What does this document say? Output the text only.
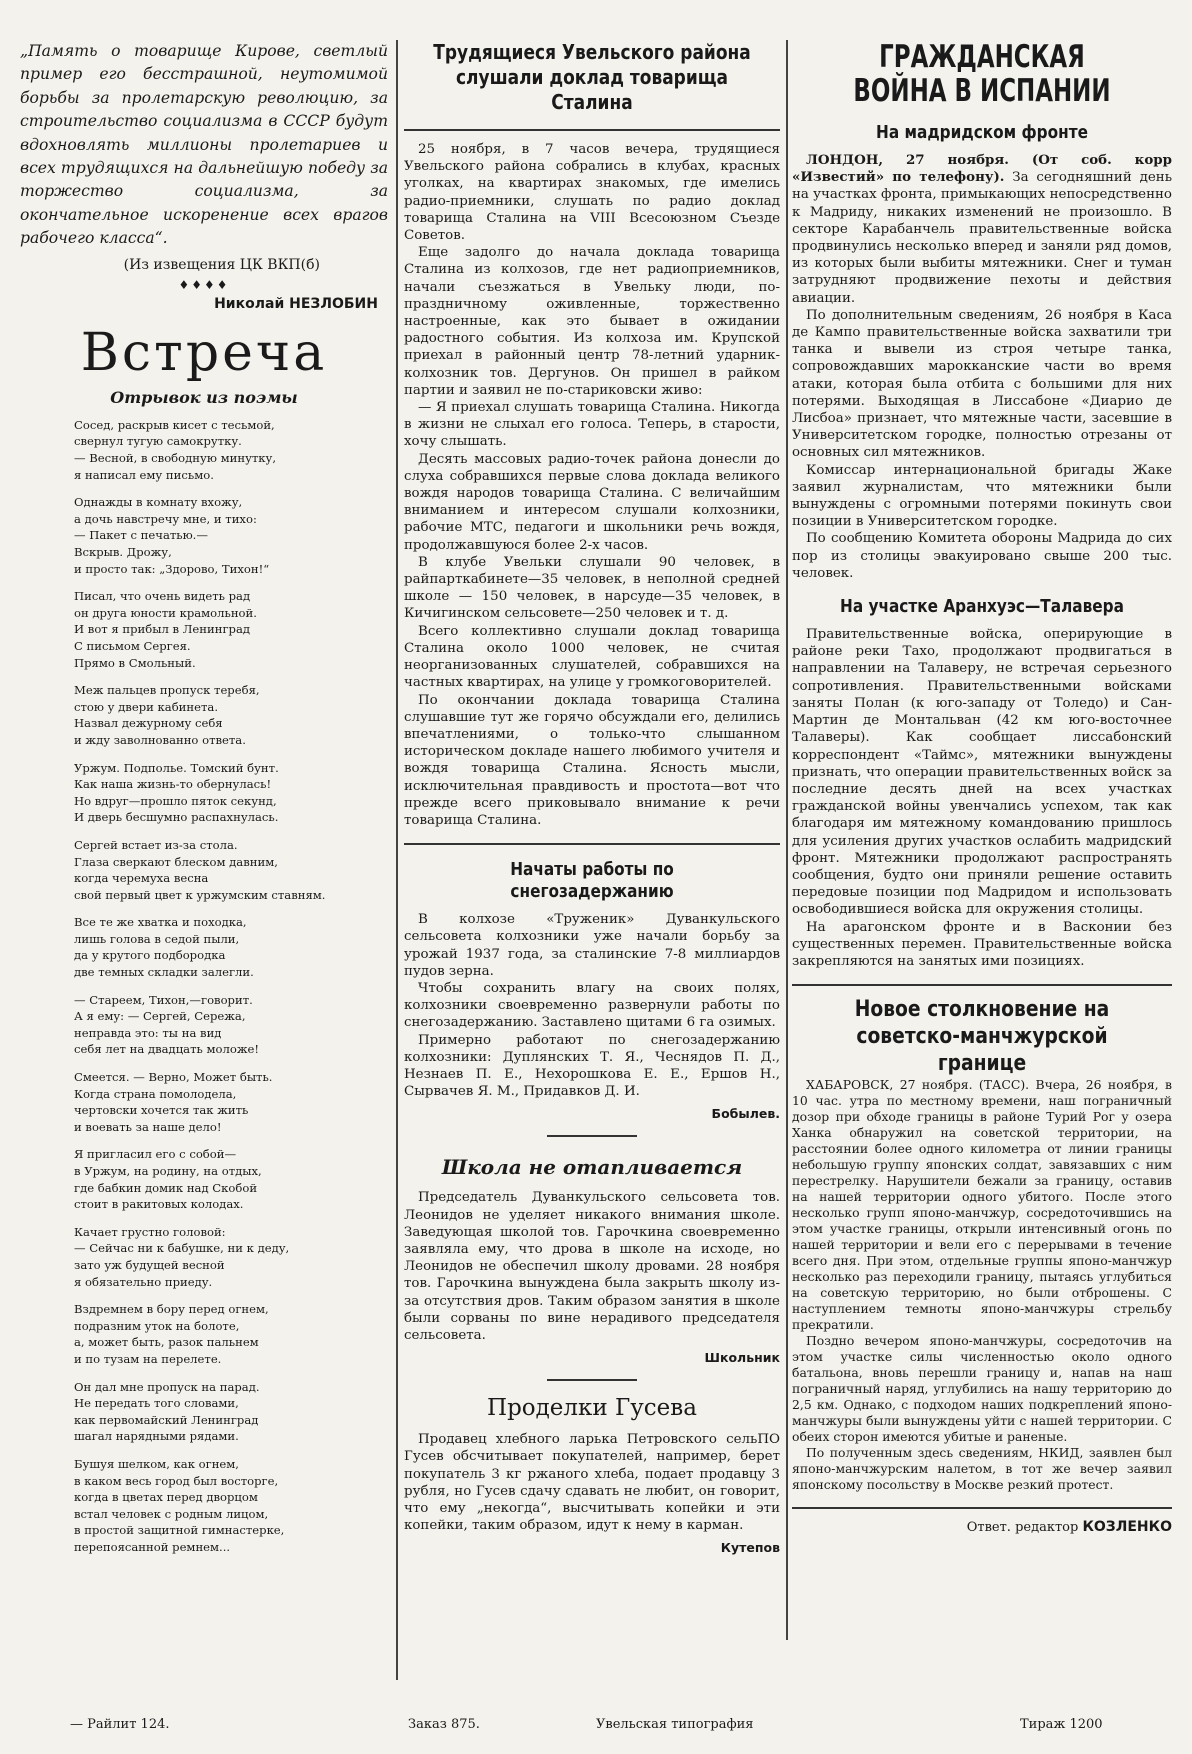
„Память о товарище Кирове, светлый пример его бесстрашной, неутомимой борьбы за пролетарскую революцию, за строительство социализма в СССР будут вдохновлять миллионы пролетариев и всех трудящихся на дальнейшую победу за торжество социализма, за окончательное искоренение всех врагов рабочего класса“.

(Из извещения ЦК ВКП(б)

♦♦♦♦
Николай НЕЗЛОБИН
Встреча
Отрывок из поэмы
Сосед, раскрыв кисет с тесьмой,
свернул тугую самокрутку.
— Весной, в свободную минутку,
я написал ему письмо.
Однажды в комнату вхожу,
а дочь навстречу мне, и тихо:
— Пакет с печатью.—
Вскрыв. Дрожу,
и просто так: „Здорово, Тихон!“
Писал, что очень видеть рад
он друга юности крамольной.
И вот я прибыл в Ленинград
С письмом Сергея.
Прямо в Смольный.
Меж пальцев пропуск теребя,
стою у двери кабинета.
Назвал дежурному себя
и жду заволнованно ответа.
Уржум. Подполье. Томский бунт.
Как наша жизнь-то обернулась!
Но вдруг—прошло пяток секунд,
И дверь бесшумно распахнулась.
Сергей встает из-за стола.
Глаза сверкают блеском давним,
когда черемуха весна
свой первый цвет к уржумским ставням.
Все те же хватка и походка,
лишь голова в седой пыли,
да у крутого подбородка
две темных складки залегли.
— Стареем, Тихон,—говорит.
А я ему: — Сергей, Сережа,
неправда это: ты на вид
себя лет на двадцать моложе!
Смеется. — Верно, Может быть.
Когда страна помолодела,
чертовски хочется так жить
и воевать за наше дело!
Я пригласил его с собой—
в Уржум, на родину, на отдых,
где бабкин домик над Скобой
стоит в ракитовых колодах.
Качает грустно головой:
— Сейчас ни к бабушке, ни к деду,
зато уж будущей весной
я обязательно приеду.
Вздремнем в бору перед огнем,
подразним уток на болоте,
а, может быть, разок пальнем
и по тузам на перелете.
Он дал мне пропуск на парад.
Не передать того словами,
как первомайский Ленинград
шагал нарядными рядами.
Бушуя шелком, как огнем,
в каком весь город был восторге,
когда в цветах перед дворцом
встал человек с родным лицом,
в простой защитной гимнастерке,
перепоясанной ремнем...
Трудящиеся Увельского района слушали доклад товарища Сталина

25 ноября, в 7 часов вечера, трудящиеся Увельского района собрались в клубах, красных уголках, на квартирах знакомых, где имелись радио-приемники, слушать по радио доклад товарища Сталина на VIII Всесоюзном Съезде Советов.

Еще задолго до начала доклада товарища Сталина из колхозов, где нет радиоприемников, начали съезжаться в Увельку люди, по-праздничному оживленные, торжественно настроенные, как это бывает в ожидании радостного события. Из колхоза им. Крупской приехал в районный центр 78-летний ударник-колхозник тов. Дергунов. Он пришел в райком партии и заявил не по-стариковски живо:

— Я приехал слушать товарища Сталина. Никогда в жизни не слыхал его голоса. Теперь, в старости, хочу слышать.

Десять массовых радио-точек района донесли до слуха собравшихся первые слова доклада великого вождя народов товарища Сталина. С величайшим вниманием и интересом слушали колхозники, рабочие МТС, педагоги и школьники речь вождя, продолжавшуюся более 2-х часов.

В клубе Увельки слушали 90 человек, в райпарткабинете—35 человек, в неполной средней школе — 150 человек, в нарсуде—35 человек, в Кичигинском сельсовете—250 человек и т. д.

Всего коллективно слушали доклад товарища Сталина около 1000 человек, не считая неорганизованных слушателей, собравшихся на частных квартирах, на улице у громкоговорителей.

По окончании доклада товарища Сталина слушавшие тут же горячо обсуждали его, делились впечатлениями, о только-что слышанном историческом докладе нашего любимого учителя и вождя товарища Сталина. Ясность мысли, исключительная правдивость и простота—вот что прежде всего приковывало внимание к речи товарища Сталина.

Начаты работы по снегозадержанию

В колхозе «Труженик» Дуванкульского сельсовета колхозники уже начали борьбу за урожай 1937 года, за сталинские 7-8 миллиардов пудов зерна.

Чтобы сохранить влагу на своих полях, колхозники своевременно развернули работы по снегозадержанию. Заставлено щитами 6 га озимых.

Примерно работают по снегозадержанию колхозники: Дуплянских Т. Я., Чеснядов П. Д., Незнаев П. Е., Нехорошкова Е. Е., Ершов Н., Сырвачев Я. М., Придавков Д. И.

Бобылев.
Школа не отапливается

Председатель Дуванкульского сельсовета тов. Леонидов не уделяет никакого внимания школе. Заведующая школой тов. Гарочкина своевременно заявляла ему, что дрова в школе на исходе, но Леонидов не обеспечил школу дровами. 28 ноября тов. Гарочкина вынуждена была закрыть школу из-за отсутствия дров. Таким образом занятия в школе были сорваны по вине нерадивого председателя сельсовета.

Школьник
Проделки Гусева

Продавец хлебного ларька Петровского сельПО Гусев обсчитывает покупателей, например, берет покупатель 3 кг ржаного хлеба, подает продавцу 3 рубля, но Гусев сдачу сдавать не любит, он говорит, что ему „некогда“, высчитывать копейки и эти копейки, таким образом, идут к нему в карман.

Кутепов
ГРАЖДАНСКАЯ ВОЙНА В ИСПАНИИ
На мадридском фронте

ЛОНДОН, 27 ноября. (От соб. корр «Известий» по телефону). За сегодняшний день на участках фронта, примыкающих непосредственно к Мадриду, никаких изменений не произошло. В секторе Карабанчель правительственные войска продвинулись несколько вперед и заняли ряд домов, из которых были выбиты мятежники. Снег и туман затрудняют продвижение пехоты и действия авиации.

По дополнительным сведениям, 26 ноября в Каса де Кампо правительственные войска захватили три танка и вывели из строя четыре танка, сопровождавших марокканские части во время атаки, которая была отбита с большими для них потерями. Выходящая в Лиссабоне «Диарио де Лисбоа» признает, что мятежные части, засевшие в Университетском городке, полностью отрезаны от основных сил мятежников.

Комиссар интернациональной бригады Жаке заявил журналистам, что мятежники были вынуждены с огромными потерями покинуть свои позиции в Университетском городке.

По сообщению Комитета обороны Мадрида до сих пор из столицы эвакуировано свыше 200 тыс. человек.

На участке Аранхуэс—Талавера

Правительственные войска, оперирующие в районе реки Тахо, продолжают продвигаться в направлении на Талаверу, не встречая серьезного сопротивления. Правительственными войсками заняты Полан (к юго-западу от Толедо) и Сан-Мартин де Монтальван (42 км юго-восточнее Талаверы). Как сообщает лиссабонский корреспондент «Таймс», мятежники вынуждены признать, что операции правительственных войск за последние десять дней на всех участках гражданской войны увенчались успехом, так как благодаря им мятежному командованию пришлось для усиления других участков ослабить мадридский фронт. Мятежники продолжают распространять сообщения, будто они приняли решение оставить передовые позиции под Мадридом и использовать освободившиеся войска для окружения столицы.

На арагонском фронте и в Васконии без существенных перемен. Правительственные войска закрепляются на занятых ими позициях.

Новое столкновение на советско-манчжурской границе

ХАБАРОВСК, 27 ноября. (ТАСС). Вчера, 26 ноября, в 10 час. утра по местному времени, наш пограничный дозор при обходе границы в районе Турий Рог у озера Ханка обнаружил на советской территории, на расстоянии более одного километра от линии границы небольшую группу японских солдат, завязавших с ним перестрелку. Нарушители бежали за границу, оставив на нашей территории одного убитого. После этого несколько групп японо-манчжур, сосредоточившись на этом участке границы, открыли интенсивный огонь по нашей территории и вели его с перерывами в течение всего дня. При этом, отдельные группы японо-манчжур несколько раз переходили границу, пытаясь углубиться на советскую территорию, но были отброшены. С наступлением темноты японо-манчжуры стрельбу прекратили.

Поздно вечером японо-манчжуры, сосредоточив на этом участке силы численностью около одного батальона, вновь перешли границу и, напав на наш пограничный наряд, углубились на нашу территорию до 2,5 км. Однако, с подходом наших подкреплений японо-манчжуры были вынуждены уйти с нашей территории. С обеих сторон имеются убитые и раненые.

По полученным здесь сведениям, НКИД, заявлен был японо-манчжурским налетом, в тот же вечер заявил японскому посольству в Москве резкий протест.

Ответ. редактор КОЗЛЕНКО
— Райлит 124.	Заказ 875.	Увельская типография	Тираж 1200
